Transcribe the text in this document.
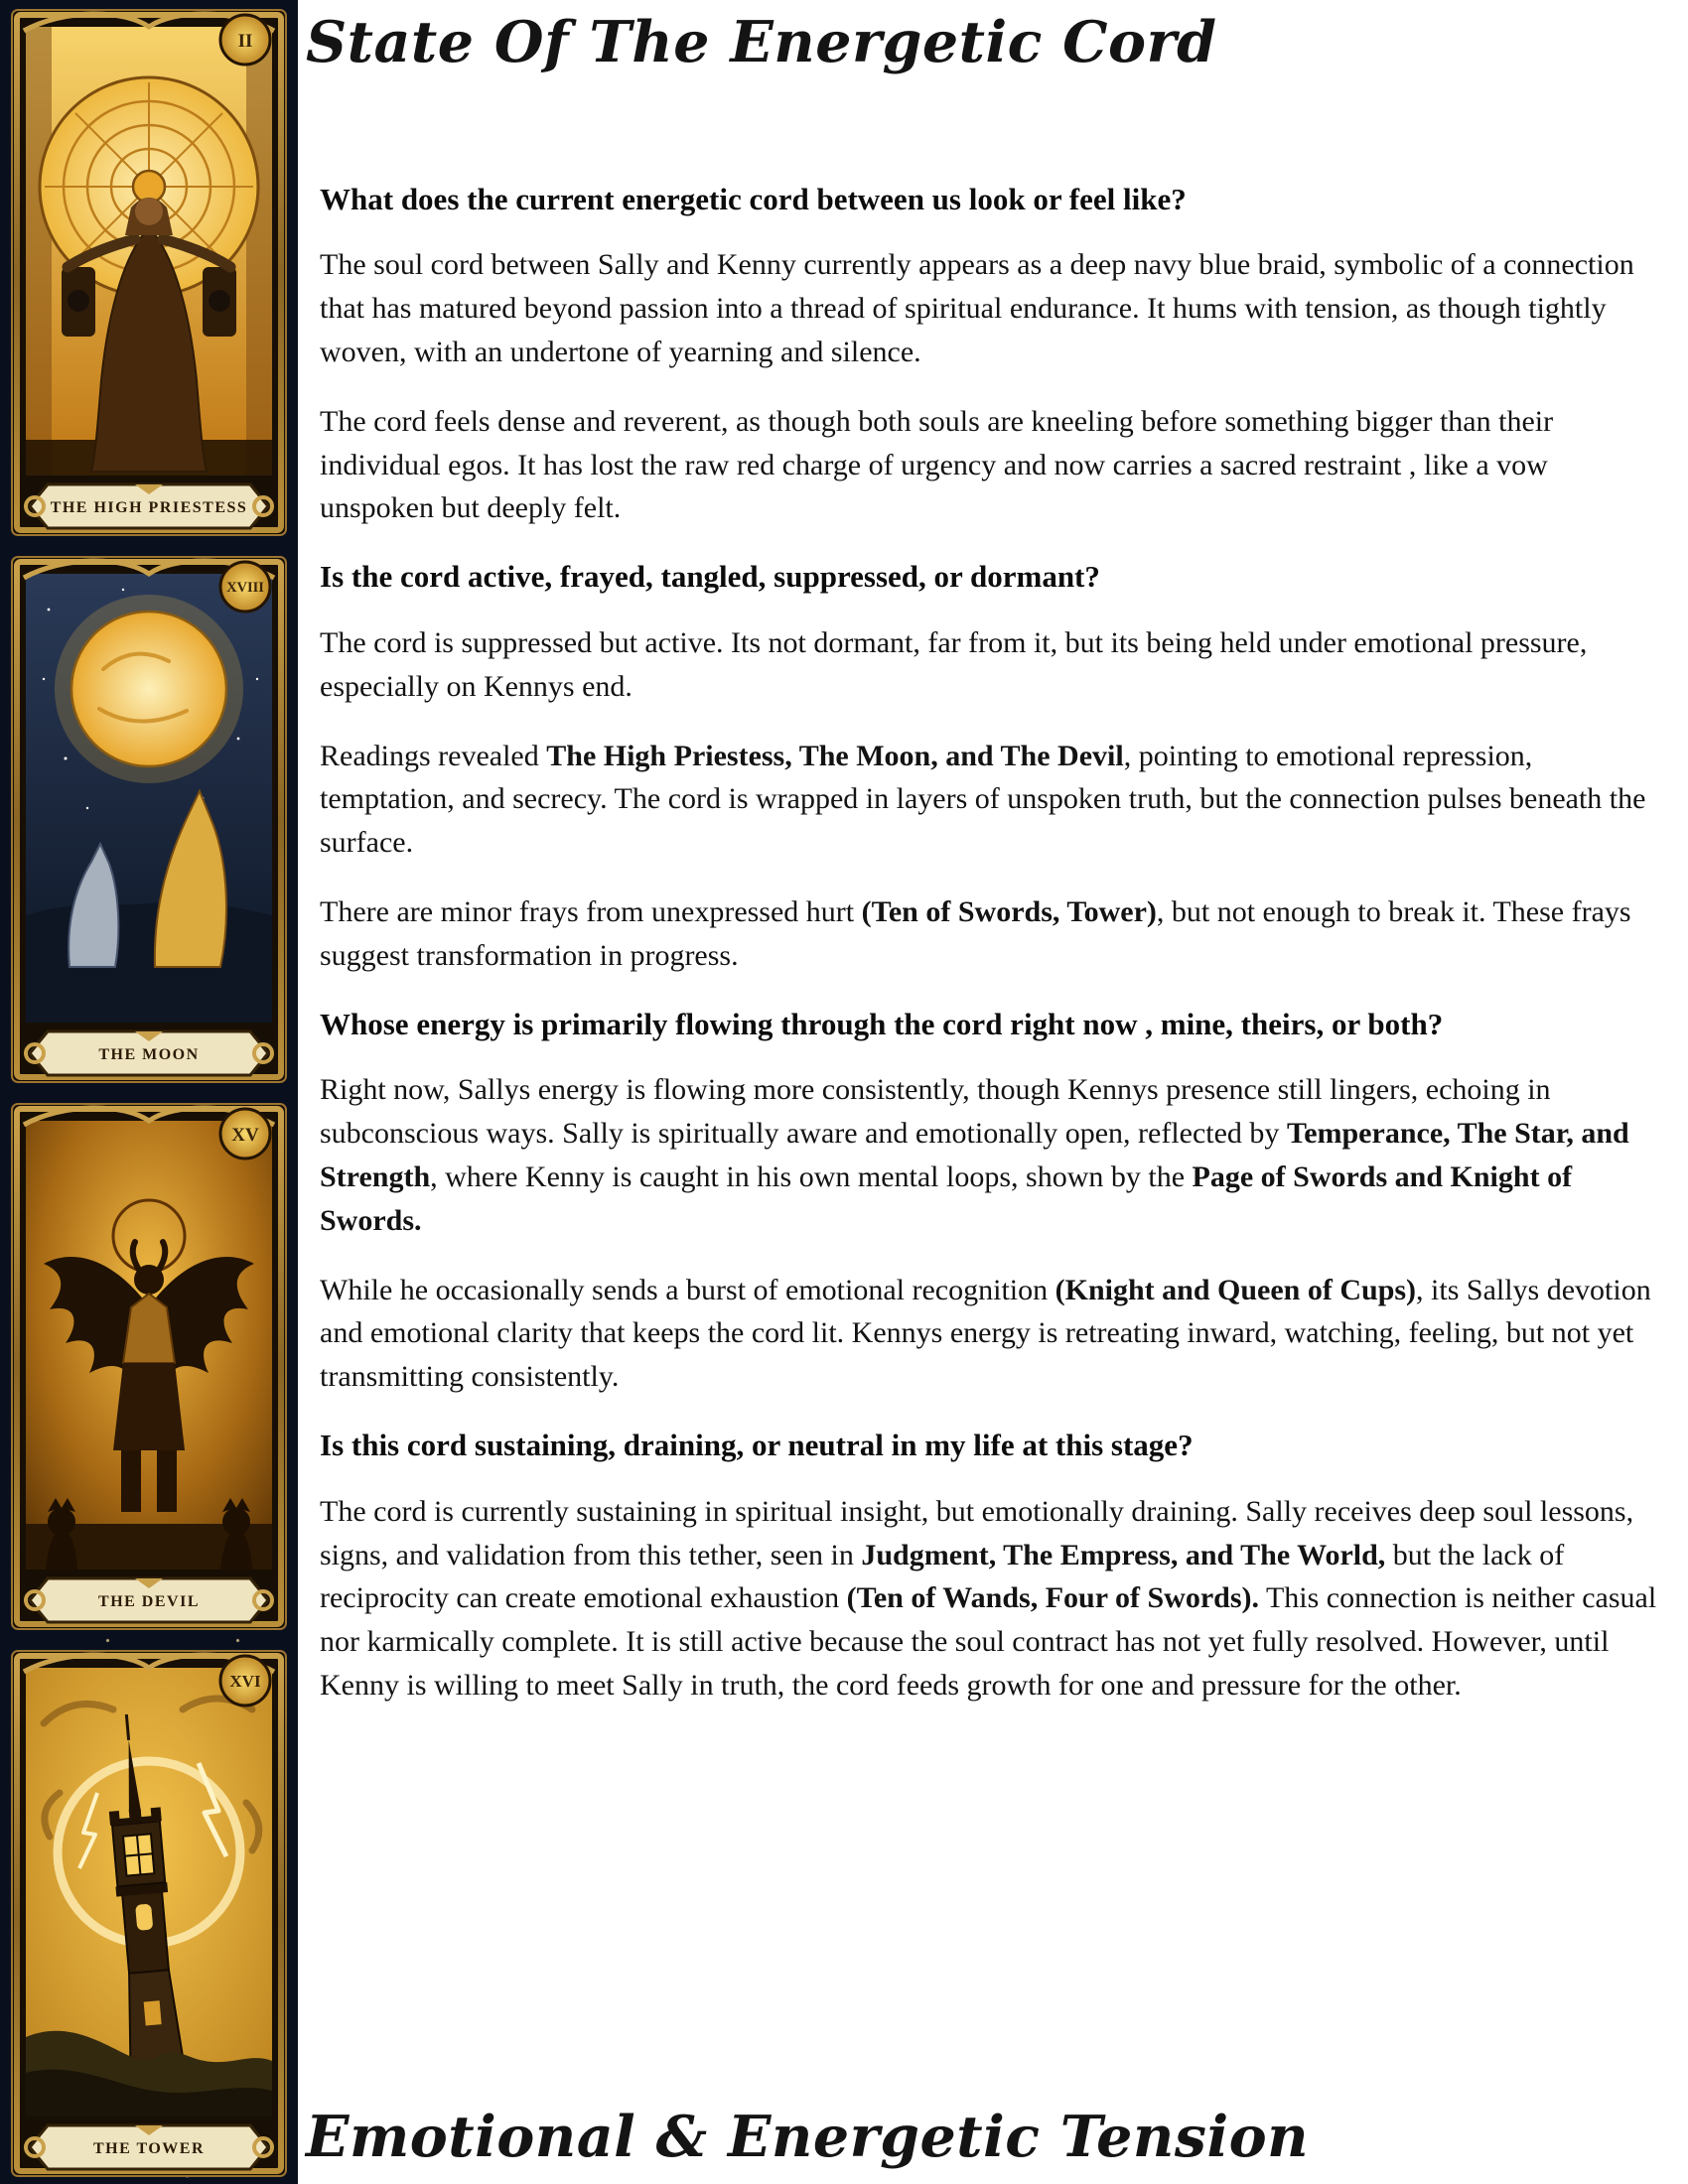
II
THE HIGH PRIESTESS
XVIII
THE MOON
XV
THE DEVIL
XVI
THE TOWER
State Of The Energetic Cord
What does the current energetic cord between us look or feel like?

The soul cord between Sally and Kenny currently appears as a deep navy blue braid, symbolic of a connection that has matured beyond passion into a thread of spiritual endurance. It hums with tension, as though tightly woven, with an undertone of yearning and silence.

The cord feels dense and reverent, as though both souls are kneeling before something bigger than their individual egos. It has lost the raw red charge of urgency and now carries a sacred restraint , like a vow unspoken but deeply felt.

Is the cord active, frayed, tangled, suppressed, or dormant?

The cord is suppressed but active. Its not dormant, far from it, but its being held under emotional pressure, especially on Kennys end.

Readings revealed The High Priestess, The Moon, and The Devil, pointing to emotional repression, temptation, and secrecy. The cord is wrapped in layers of unspoken truth, but the connection pulses beneath the surface.

There are minor frays from unexpressed hurt (Ten of Swords, Tower), but not enough to break it. These frays suggest transformation in progress.

Whose energy is primarily flowing through the cord right now , mine, theirs, or both?

Right now, Sallys energy is flowing more consistently, though Kennys presence still lingers, echoing in subconscious ways. Sally is spiritually aware and emotionally open, reflected by Temperance, The Star, and Strength, where Kenny is caught in his own mental loops, shown by the Page of Swords and Knight of Swords.

While he occasionally sends a burst of emotional recognition (Knight and Queen of Cups), its Sallys devotion and emotional clarity that keeps the cord lit. Kennys energy is retreating inward, watching, feeling, but not yet transmitting consistently.

Is this cord sustaining, draining, or neutral in my life at this stage?

The cord is currently sustaining in spiritual insight, but emotionally draining. Sally receives deep soul lessons, signs, and validation from this tether, seen in Judgment, The Empress, and The World, but the lack of reciprocity can create emotional exhaustion (Ten of Wands, Four of Swords). This connection is neither casual nor karmically complete. It is still active because the soul contract has not yet fully resolved. However, until Kenny is willing to meet Sally in truth, the cord feeds growth for one and pressure for the other.

Emotional & Energetic Tension
